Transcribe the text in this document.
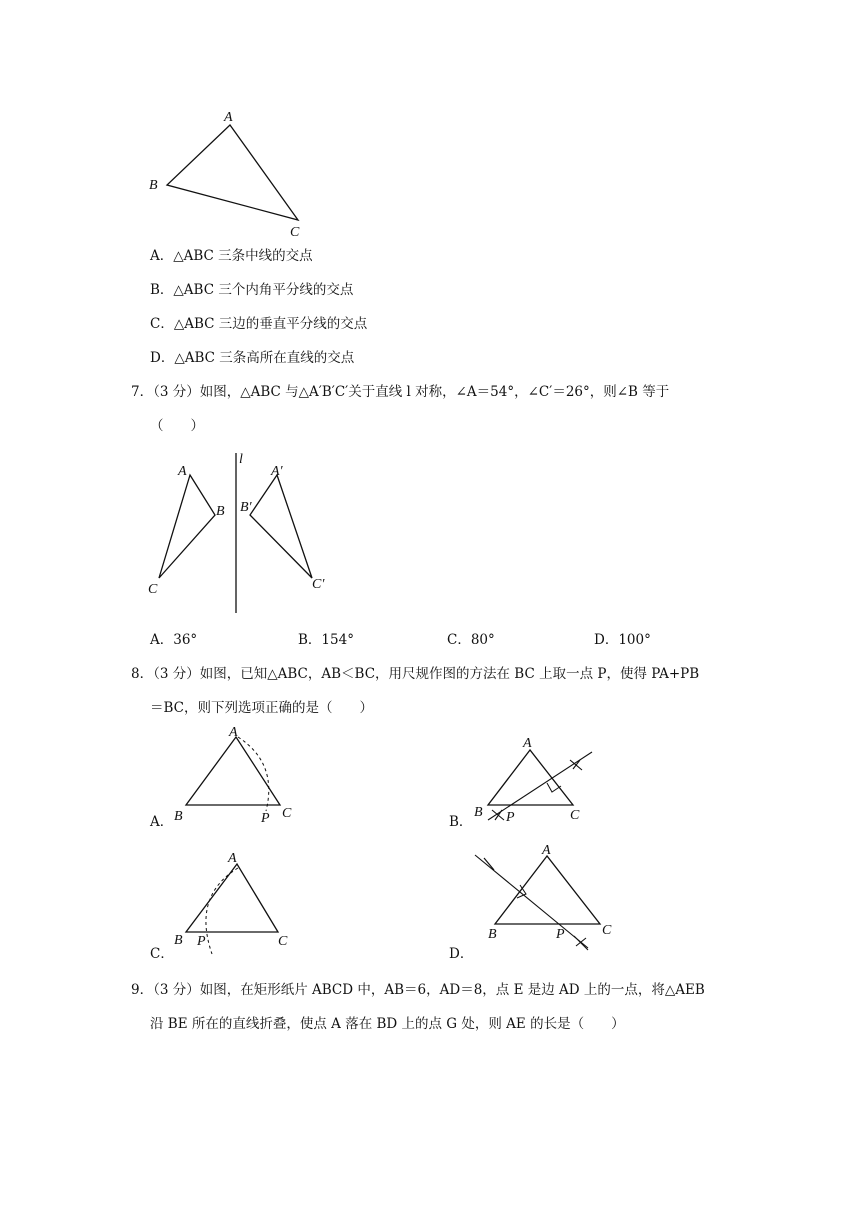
A
B
C
A．△ABC 三条中线的交点
B．△ABC 三个内角平分线的交点
C．△ABC 三边的垂直平分线的交点
D．△ABC 三条高所在直线的交点
7．（3 分）如图，△ABC 与△A′B′C′关于直线 l 对称，∠A＝54°，∠C′＝26°，则∠B 等于
（　　）
l
A
B
C
A′
B′
C′
A．36°	B．154°	C．80°	D．100°
8．（3 分）如图，已知△ABC，AB＜BC，用尺规作图的方法在 BC 上取一点 P，使得 PA+PB
＝BC，则下列选项正确的是（　　）
A．
A
B	P C
B．
A
B P	C
C．
A
B P	C
D．
A
B	P	C
9．（3 分）如图，在矩形纸片 ABCD 中，AB＝6，AD＝8，点 E 是边 AD 上的一点，将△AEB
沿 BE 所在的直线折叠，使点 A 落在 BD 上的点 G 处，则 AE 的长是（　　）
